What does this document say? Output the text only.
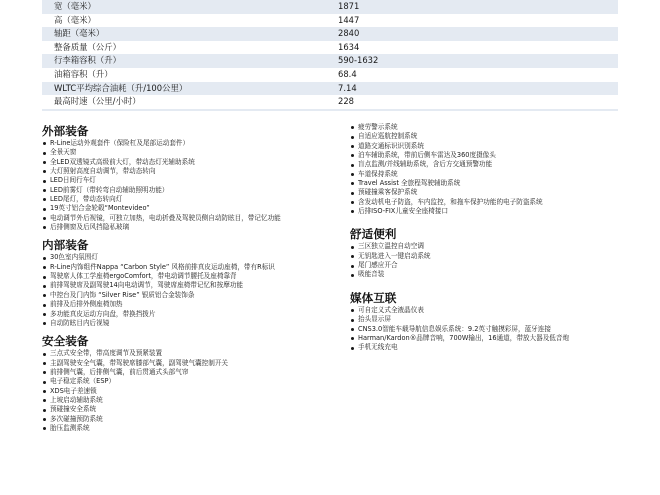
宽（毫米）	1871
高（毫米）	1447
轴距（毫米）	2840
整备质量（公斤）	1634
行李箱容积（升）	590-1632
油箱容积（升）	68.4
WLTC平均综合油耗（升/100公里）	7.14
最高时速（公里/小时）	228
外部装备
R-Line运动外观套件（保险杠及尾部运动套件）
全景天窗
全LED双透镜式高级前大灯，带动态灯光辅助系统
大灯照射高度自动调节，带动态转向
LED日间行车灯
LED前雾灯（带转弯自动辅助照明功能）
LED尾灯，带动态转向灯
19英寸铝合金轮毂“Montevideo”
电动调节外后视镜，可独立加热，电动折叠及驾驶员侧自动防眩目，带记忆功能
后排侧窗及后风挡隐私玻璃
内部装备
30色室内氛围灯
R-Line内饰组件Nappa “Carbon Style” 风格前排真皮运动座椅，带有R标识
驾驶席人体工学座椅ergoComfort，带电动调节腰托及座椅靠背
前排驾驶席及副驾驶14向电动调节，驾驶席座椅带记忆和按摩功能
中控台及门内饰 “Silver Rise” 银质铝合金装饰条
前排及后排外侧座椅加热
多功能真皮运动方向盘，带换挡拨片
自动防眩目内后视镜
安全装备
三点式安全带，带高度调节及预紧装置
主副驾驶安全气囊，带驾驶席膝部气囊，副驾驶气囊控制开关
前排侧气囊，后排侧气囊，前后贯通式头部气帘
电子稳定系统（ESP）
XDS电子差速锁
上坡启动辅助系统
预碰撞安全系统
多次碰撞预防系统
胎压监测系统
疲劳警示系统
自适应巡航控制系统
道路交通标识识别系统
泊车辅助系统，带前后侧车雷达及360度摄像头
盲点监测/并线辅助系统，含后方交通预警功能
车道保持系统
Travel Assist 全旅程驾驶辅助系统
预碰撞乘客保护系统
含发动机电子防盗，车内监控，和拖车保护功能的电子防盗系统
后排ISO-FIX儿童安全座椅接口
舒适便利
三区独立温控自动空调
无钥匙进入一键启动系统
尾门感应开合
吸能音装
媒体互联
可自定义式全液晶仪表
抬头显示屏
CNS3.0智能车载导航信息娱乐系统：9.2英寸触摸彩屏，蓝牙连接
Harman/Kardon®品牌音响，700W输出，16通道，带放大器及低音炮
手机无线充电
